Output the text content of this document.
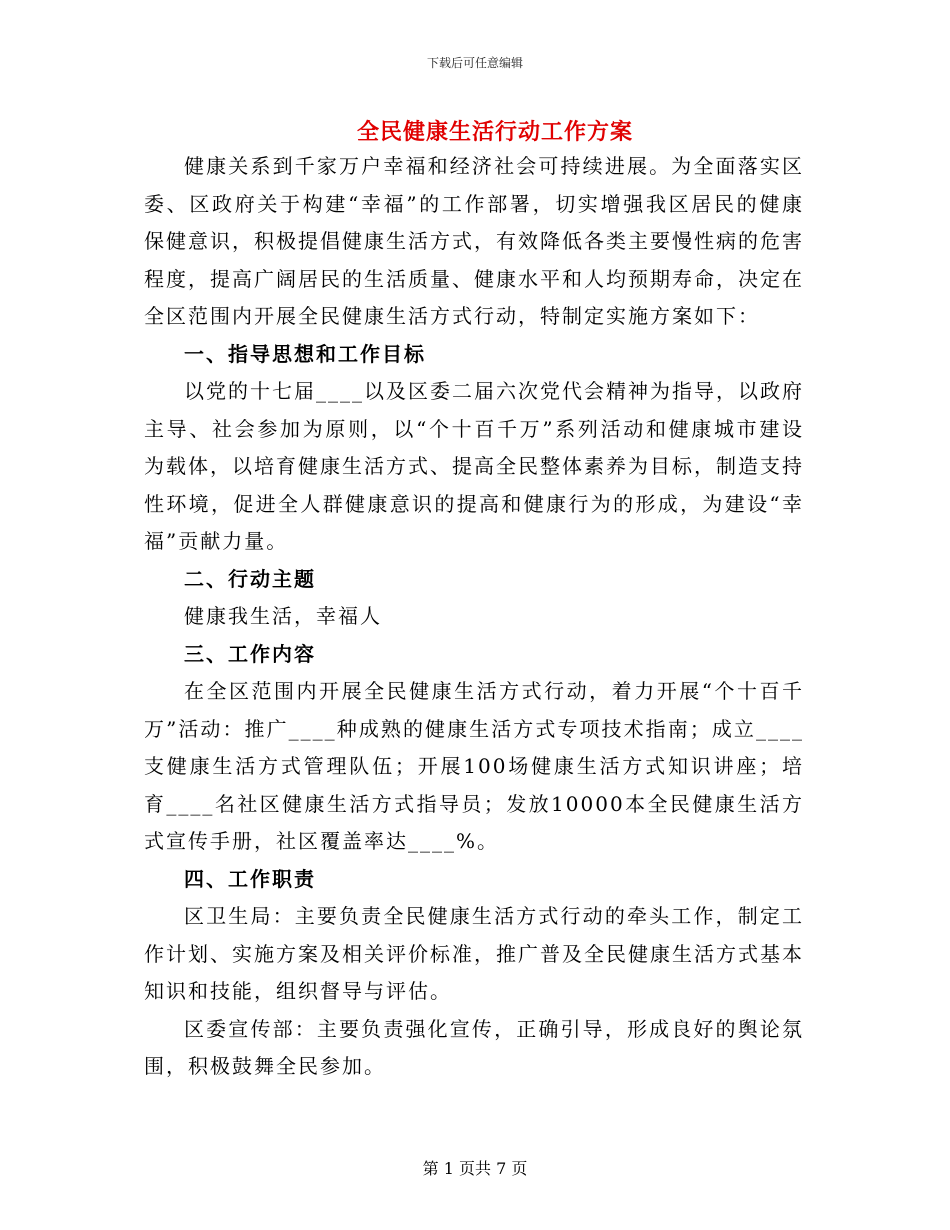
下载后可任意编辑
全民健康生活行动工作方案

健康关系到千家万户幸福和经济社会可持续进展。为全面落实区委、区政府关于构建“幸福”的工作部署，切实增强我区居民的健康保健意识，积极提倡健康生活方式，有效降低各类主要慢性病的危害程度，提高广阔居民的生活质量、健康水平和人均预期寿命，决定在全区范围内开展全民健康生活方式行动，特制定实施方案如下：

一、指导思想和工作目标

以党的十七届____以及区委二届六次党代会精神为指导，以政府主导、社会参加为原则，以“个十百千万”系列活动和健康城市建设为载体，以培育健康生活方式、提高全民整体素养为目标，制造支持性环境，促进全人群健康意识的提高和健康行为的形成，为建设“幸福”贡献力量。

二、行动主题

健康我生活，幸福人

三、工作内容

在全区范围内开展全民健康生活方式行动，着力开展“个十百千万”活动：推广____种成熟的健康生活方式专项技术指南；成立____支健康生活方式管理队伍；开展100场健康生活方式知识讲座；培育____名社区健康生活方式指导员；发放10000本全民健康生活方式宣传手册，社区覆盖率达____%。

四、工作职责

区卫生局：主要负责全民健康生活方式行动的牵头工作，制定工作计划、实施方案及相关评价标准，推广普及全民健康生活方式基本知识和技能，组织督导与评估。

区委宣传部：主要负责强化宣传，正确引导，形成良好的舆论氛围，积极鼓舞全民参加。

第 1 页共 7 页
